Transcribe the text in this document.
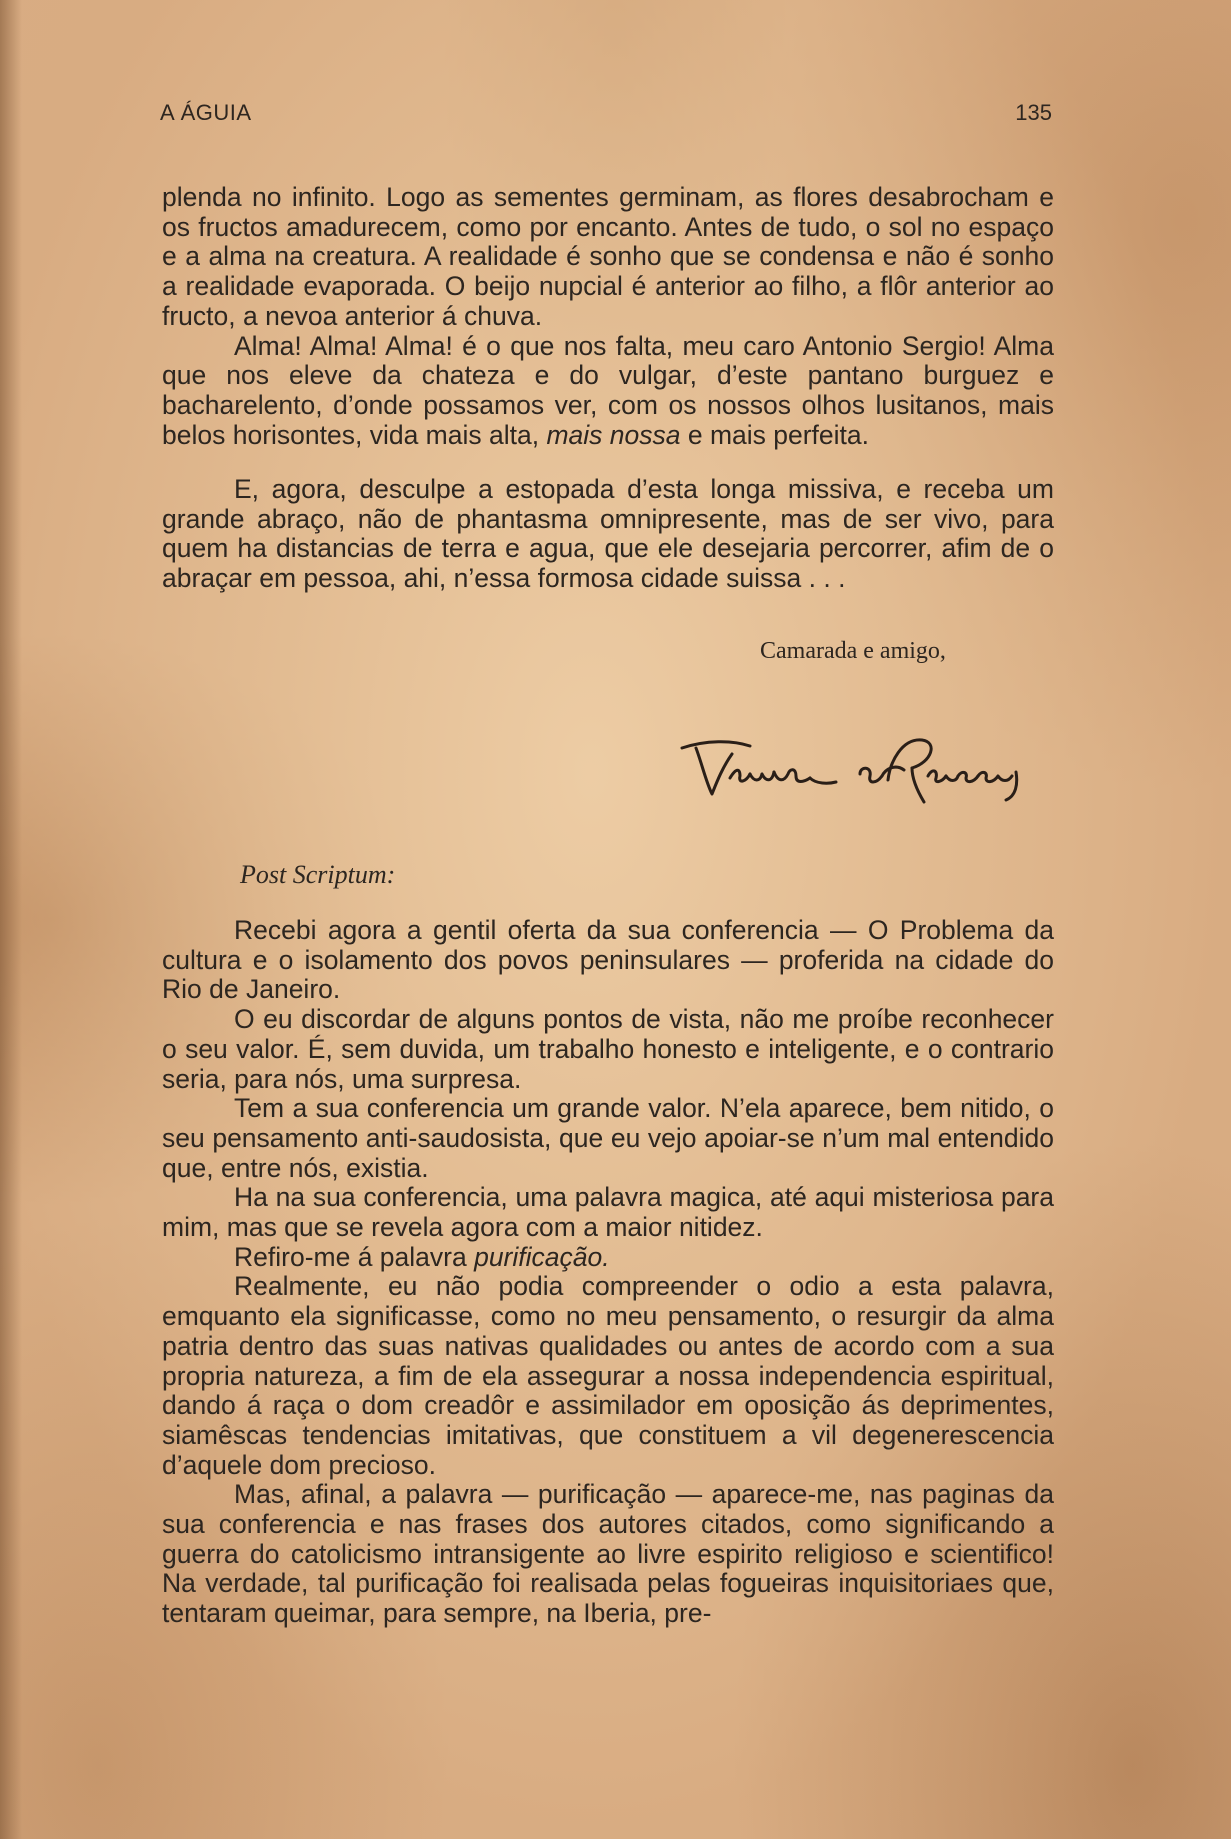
A ÁGUIA	135

plenda no infinito. Logo as sementes germinam, as flores desabrocham e os fructos amadurecem, como por encanto. Antes de tudo, o sol no espaço e a alma na creatura. A realidade é sonho que se condensa e não é sonho a realidade evaporada. O beijo nupcial é anterior ao filho, a flôr anterior ao fructo, a nevoa anterior á chuva.

Alma! Alma! Alma! é o que nos falta, meu caro Antonio Sergio! Alma que nos eleve da chateza e do vulgar, d’este pantano burguez e bacharelento, d’onde possamos ver, com os nossos olhos lusitanos, mais belos horisontes, vida mais alta, mais nossa e mais perfeita.

E, agora, desculpe a estopada d’esta longa missiva, e receba um grande abraço, não de phantasma omnipresente, mas de ser vivo, para quem ha distancias de terra e agua, que ele desejaria percorrer, afim de o abraçar em pessoa, ahi, n’essa formosa cidade suissa . . .

Camarada e amigo,
Post Scriptum:

Recebi agora a gentil oferta da sua conferencia — O Problema da cultura e o isolamento dos povos peninsulares — proferida na cidade do Rio de Janeiro.

O eu discordar de alguns pontos de vista, não me proíbe reconhecer o seu valor. É, sem duvida, um trabalho honesto e inteligente, e o contrario seria, para nós, uma surpresa.

Tem a sua conferencia um grande valor. N’ela aparece, bem nitido, o seu pensamento anti-saudosista, que eu vejo apoiar-se n’um mal entendido que, entre nós, existia.

Ha na sua conferencia, uma palavra magica, até aqui misteriosa para mim, mas que se revela agora com a maior nitidez.

Refiro-me á palavra purificação.

Realmente, eu não podia compreender o odio a esta palavra, emquanto ela significasse, como no meu pensamento, o resurgir da alma patria dentro das suas nativas qualidades ou antes de acordo com a sua propria natureza, a fim de ela assegurar a nossa independencia espiritual, dando á raça o dom creadôr e assimilador em oposição ás deprimentes, siamêscas tendencias imitativas, que constituem a vil degenerescencia d’aquele dom precioso.

Mas, afinal, a palavra — purificação — aparece-me, nas paginas da sua conferencia e nas frases dos autores citados, como significando a guerra do catolicismo intransigente ao livre espirito religioso e scientifico! Na verdade, tal purificação foi realisada pelas fogueiras inquisitoriaes que, tentaram queimar, para sempre, na Iberia, pre-
